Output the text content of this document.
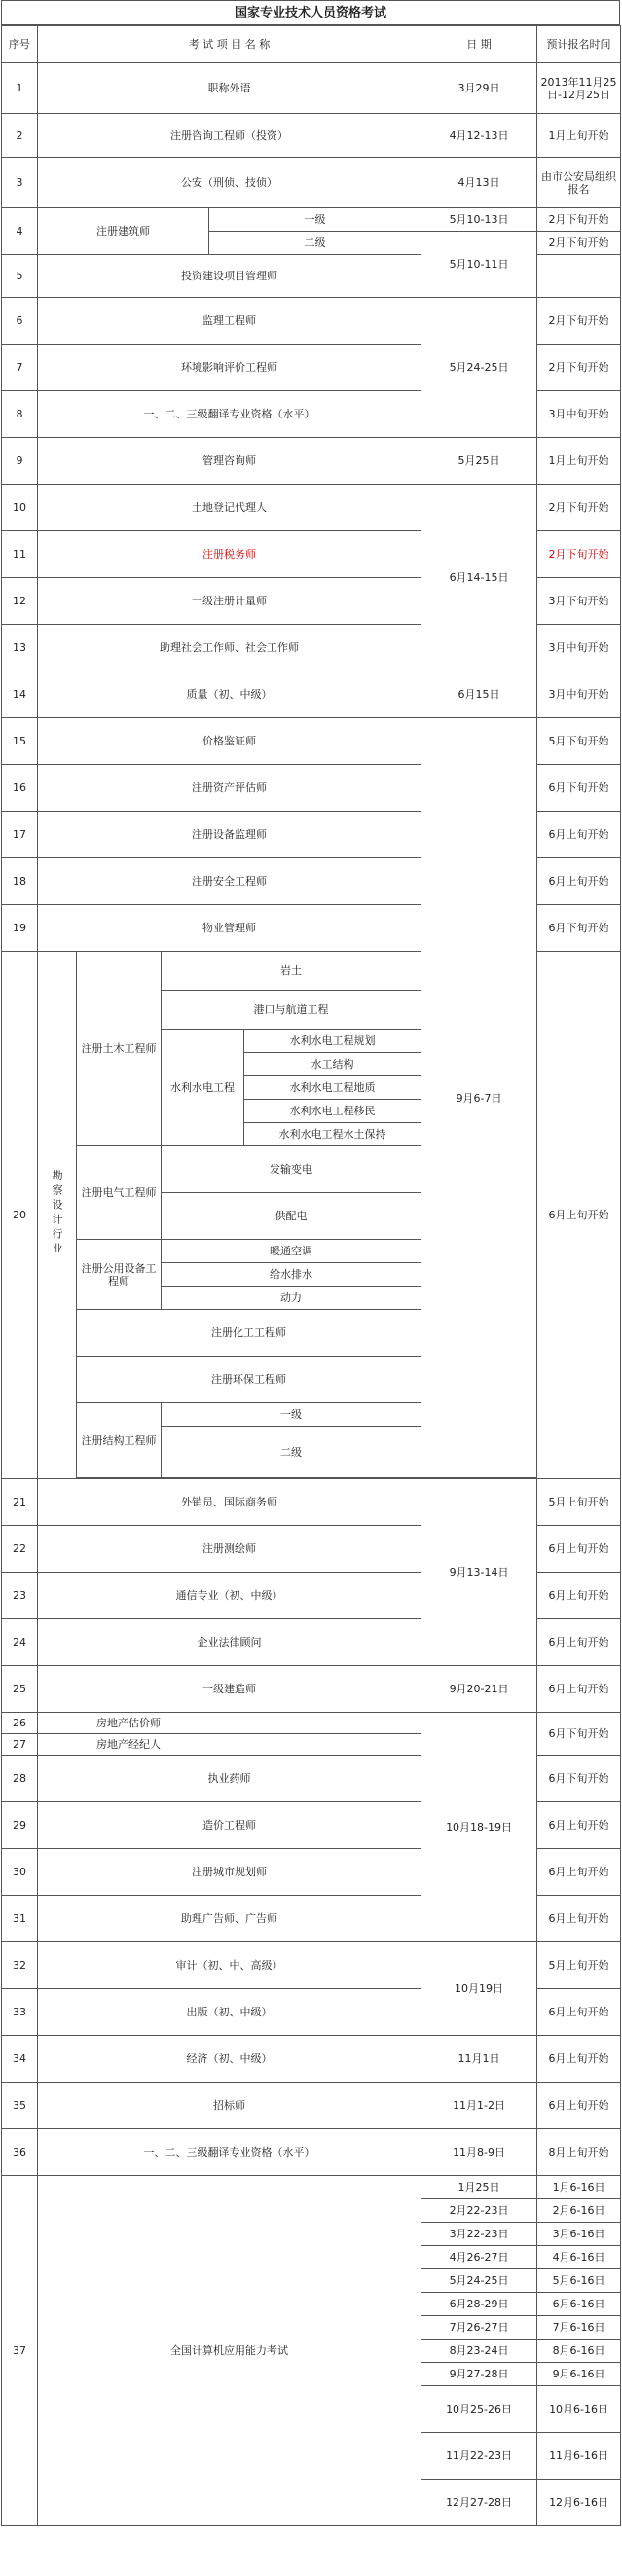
国家专业技术人员资格考试
序号	考 试 项 目 名 称					日 期	预计报名时间	
1	职称外语					3月29日	2013年11月25日-12月25日	
2	注册咨询工程师（投资）					4月12-13日	1月上旬开始	
3	公安（刑侦、技侦）					4月13日	由市公安局组织报名	
4	注册建筑师			一级		5月10-13日	2月下旬开始	
				二级		5月10-11日	2月下旬开始	
5	投资建设项目管理师							
6	监理工程师					5月24-25日	2月下旬开始	
7	环境影响评价工程师						2月下旬开始	
8	一、二、三级翻译专业资格（水平）						3月中旬开始	
9	管理咨询师					5月25日	1月上旬开始	
10	土地登记代理人					6月14-15日	2月下旬开始	
11	注册税务师						2月下旬开始	
12	一级注册计量师						3月下旬开始	
13	助理社会工作师、社会工作师						3月中旬开始	
14	质量（初、中级）					6月15日	3月中旬开始	
15	价格鉴证师					9月6-7日	5月下旬开始	
16	注册资产评估师						6月下旬开始	
17	注册设备监理师						6月上旬开始	
18	注册安全工程师						6月上旬开始	
19	物业管理师						6月下旬开始	
20	勘察设计行业	注册土木工程师	岩土				6月上旬开始	
			港口与航道工程					
			水利水电工程		水利水电工程规划			
					水工结构			
					水利水电工程地质			
					水利水电工程移民			
					水利水电工程水土保持			
		注册电气工程师	发输变电					
			供配电					
		注册公用设备工程师	暖通空调					
			给水排水					
			动力					
		注册化工工程师						
		注册环保工程师						
		注册结构工程师	一级					
			二级	

21	外销员、国际商务师					9月13-14日	5月上旬开始	
22	注册测绘师						6月上旬开始	
23	通信专业（初、中级）						6月上旬开始	
24	企业法律顾问						6月上旬开始	
25	一级建造师					9月20-21日	6月上旬开始	
26	房地产估价师					10月18-19日	6月下旬开始	
27	房地产经纪人							
28	执业药师						6月下旬开始	
29	造价工程师						6月上旬开始	
30	注册城市规划师						6月上旬开始	
31	助理广告师、广告师						6月上旬开始	
32	审计（初、中、高级）					10月19日	5月上旬开始	
33	出版（初、中级）						6月上旬开始	
34	经济（初、中级）					11月1日	6月上旬开始	
35	招标师					11月1-2日	6月上旬开始	
36	一、二、三级翻译专业资格（水平）					11月8-9日	8月上旬开始	
37	全国计算机应用能力考试					1月25日	1月6-16日	
						2月22-23日	2月6-16日	
						3月22-23日	3月6-16日	
						4月26-27日	4月6-16日	
						5月24-25日	5月6-16日	
						6月28-29日	6月6-16日	
						7月26-27日	7月6-16日	
						8月23-24日	8月6-16日	
						9月27-28日	9月6-16日	
						10月25-26日	10月6-16日	
						11月22-23日	11月6-16日	
						12月27-28日	12月6-16日	
